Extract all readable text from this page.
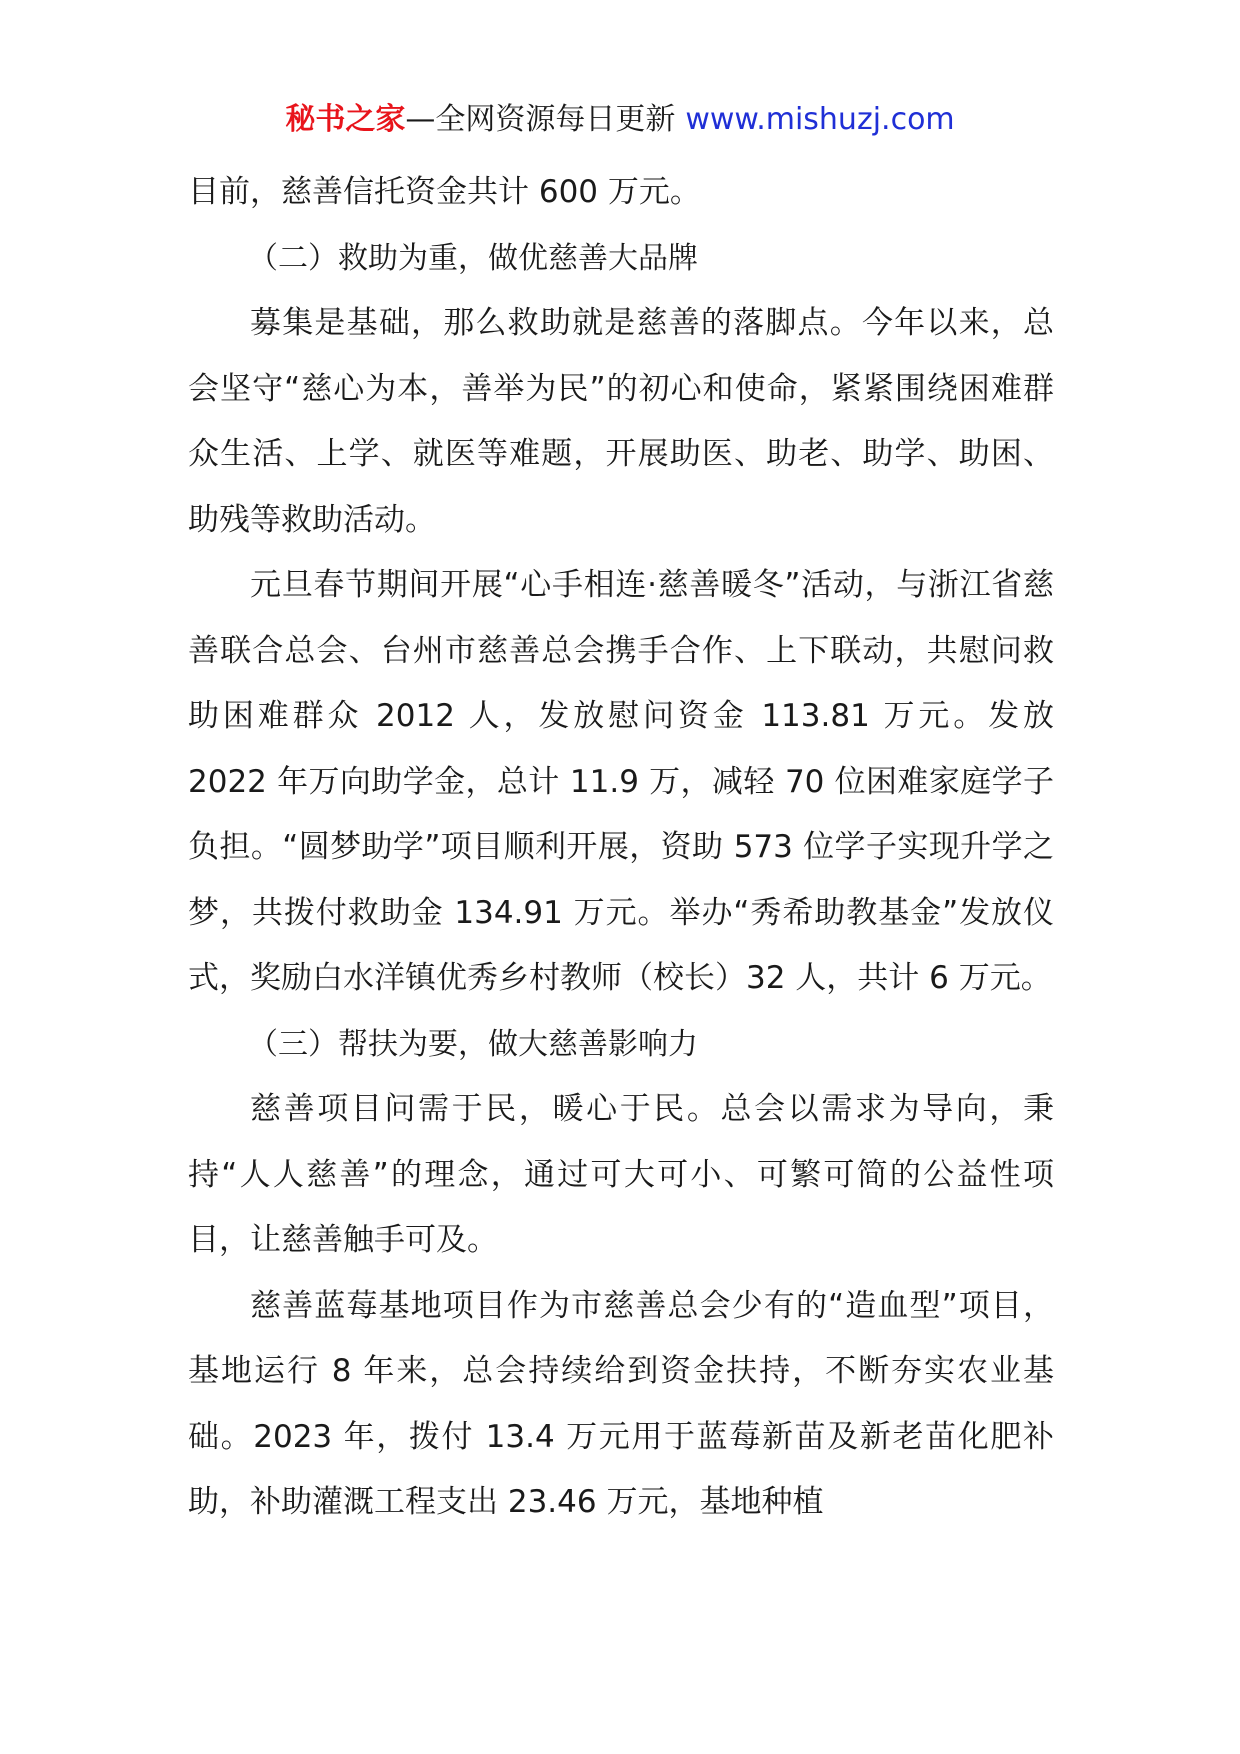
秘书之家—全网资源每日更新 www.mishuzj.com

目前，慈善信托资金共计 600 万元。

（二）救助为重，做优慈善大品牌

募集是基础，那么救助就是慈善的落脚点。今年以来，总会坚守“慈心为本，善举为民”的初心和使命，紧紧围绕困难群众生活、上学、就医等难题，开展助医、助老、助学、助困、助残等救助活动。

元旦春节期间开展“心手相连·慈善暖冬”活动，与浙江省慈善联合总会、台州市慈善总会携手合作、上下联动，共慰问救助困难群众 2012 人，发放慰问资金 113.81 万元。发放 2022 年万向助学金，总计 11.9 万，减轻 70 位困难家庭学子负担。“圆梦助学”项目顺利开展，资助 573 位学子实现升学之梦，共拨付救助金 134.91 万元。举办“秀希助教基金”发放仪式，奖励白水洋镇优秀乡村教师（校长）32 人，共计 6 万元。

（三）帮扶为要，做大慈善影响力

慈善项目问需于民，暖心于民。总会以需求为导向，秉持“人人慈善”的理念，通过可大可小、可繁可简的公益性项目，让慈善触手可及。

慈善蓝莓基地项目作为市慈善总会少有的“造血型”项目，基地运行 8 年来，总会持续给到资金扶持，不断夯实农业基础。2023 年，拨付 13.4 万元用于蓝莓新苗及新老苗化肥补助，补助灌溉工程支出 23.46 万元，基地种植
